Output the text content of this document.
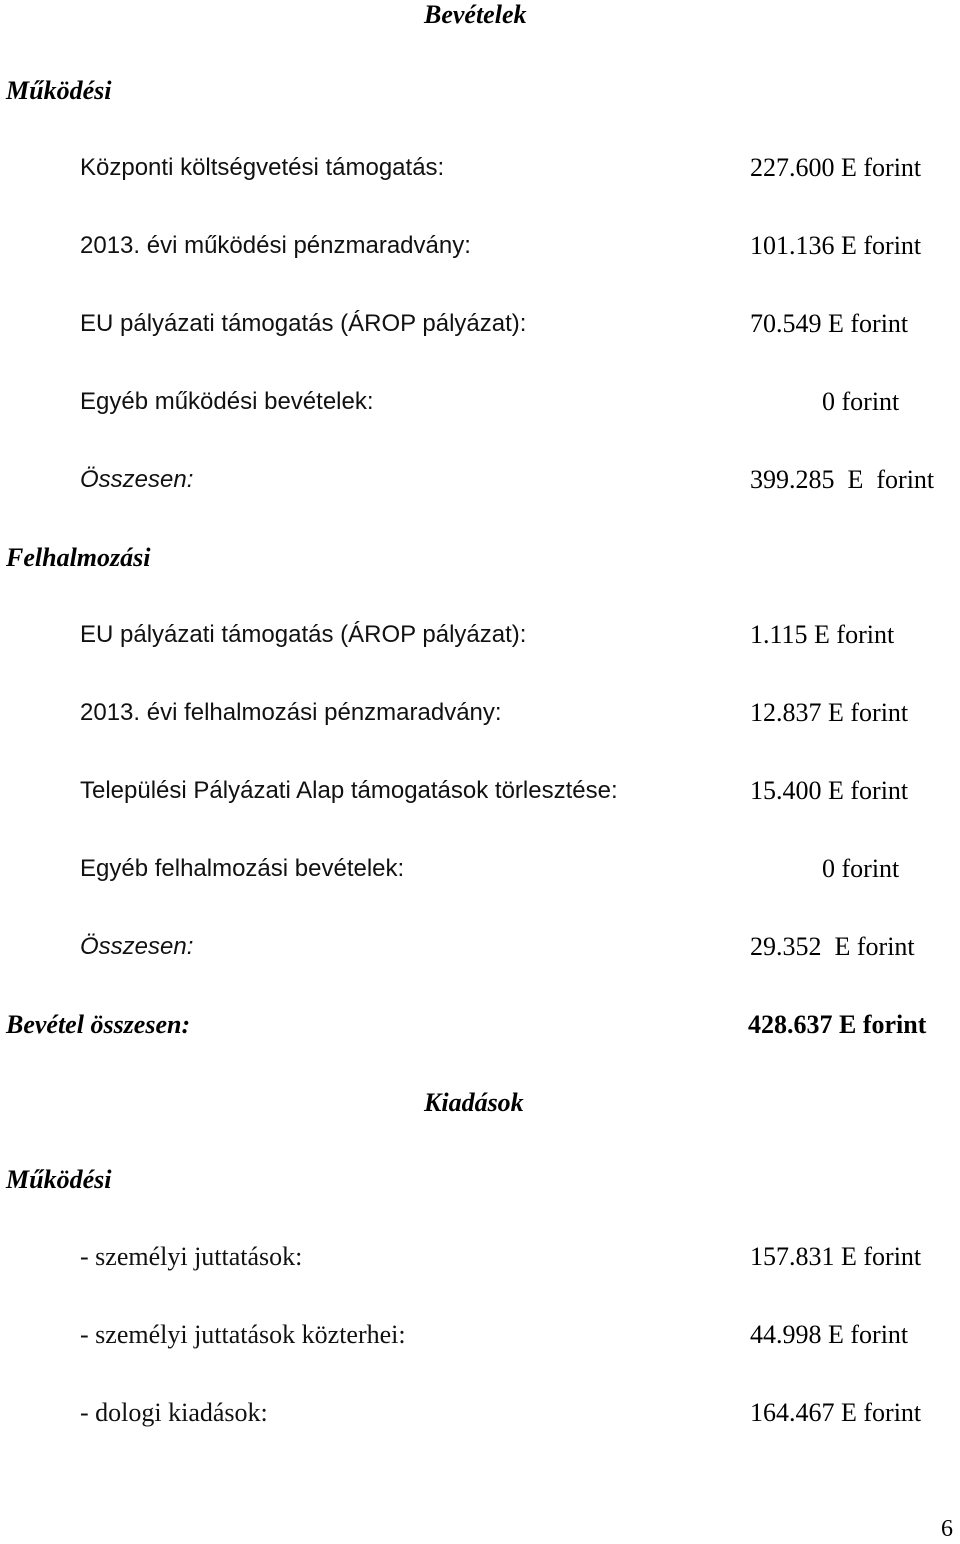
Bevételek
Működési
Központi költségvetési támogatás:	227.600 E forint
2013. évi működési pénzmaradvány:	101.136 E forint
EU pályázati támogatás (ÁROP pályázat):	70.549 E forint
Egyéb működési bevételek:	0 forint
Összesen:	399.285  E  forint
Felhalmozási
EU pályázati támogatás (ÁROP pályázat):	1.115 E forint
2013. évi felhalmozási pénzmaradvány:	12.837 E forint
Települési Pályázati Alap támogatások törlesztése:	15.400 E forint
Egyéb felhalmozási bevételek:	0 forint
Összesen:	29.352  E forint
Bevétel összesen:	428.637 E forint
Kiadások
Működési
- személyi juttatások:	157.831 E forint
- személyi juttatások közterhei:	44.998 E forint
- dologi kiadások:	164.467 E forint
6
